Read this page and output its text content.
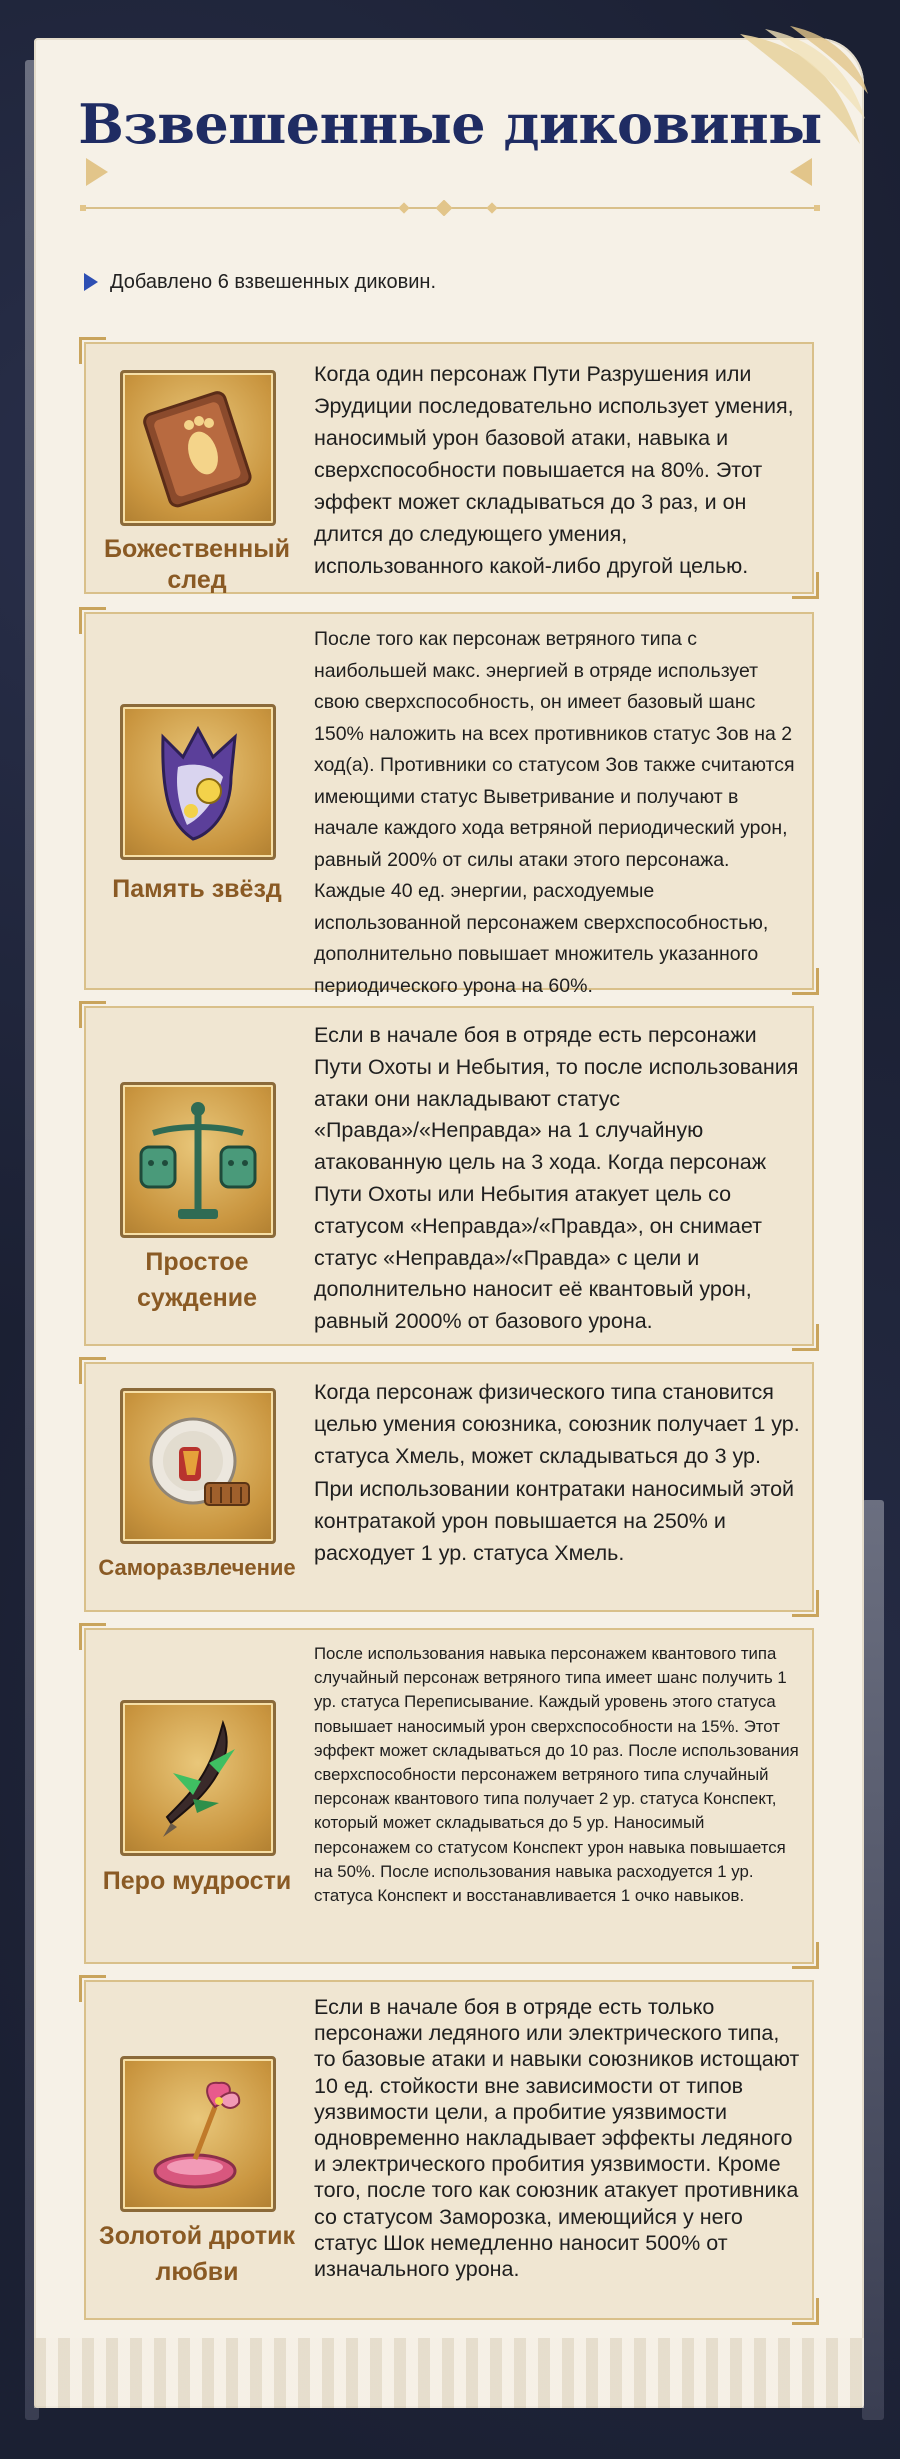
Взвешенные диковины
Добавлено 6 взвешенных диковин.
Божественный след
Когда один персонаж Пути Разрушения или Эрудиции последовательно использует умения, наносимый урон базовой атаки, навыка и сверхспособности повышается на 80%. Этот эффект может складываться до 3 раз, и он длится до следующего умения, использованного какой-либо другой целью.
Память звёзд
После того как персонаж ветряного типа с наибольшей макс. энергией в отряде использует свою сверхспособность, он имеет базовый шанс 150% наложить на всех противников статус Зов на 2 ход(а). Противники со статусом Зов также считаются имеющими статус Выветривание и получают в начале каждого хода ветряной периодический урон, равный 200% от силы атаки этого персонажа. Каждые 40 ед. энергии, расходуемые использованной персонажем сверхспособностью, дополнительно повышает множитель указанного периодического урона на 60%.
Простое суждение
Если в начале боя в отряде есть персонажи Пути Охоты и Небытия, то после использования атаки они накладывают статус «Правда»/«Неправда» на 1 случайную атакованную цель на 3 хода. Когда персонаж Пути Охоты или Небытия атакует цель со статусом «Неправда»/«Правда», он снимает статус «Неправда»/«Правда» с цели и дополнительно наносит её квантовый урон, равный 2000% от базового урона.
Саморазвлечение
Когда персонаж физического типа становится целью умения союзника, союзник получает 1 ур. статуса Хмель, может складываться до 3 ур. При использовании контратаки наносимый этой контратакой урон повышается на 250% и расходует 1 ур. статуса Хмель.
Перо мудрости
После использования навыка персонажем квантового типа случайный персонаж ветряного типа имеет шанс получить 1 ур. статуса Переписывание. Каждый уровень этого статуса повышает наносимый урон сверхспособности на 15%. Этот эффект может складываться до 10 раз. После использования сверхспособности персонажем ветряного типа случайный персонаж квантового типа получает 2 ур. статуса Конспект, который может складываться до 5 ур. Наносимый персонажем со статусом Конспект урон навыка повышается на 50%. После использования навыка расходуется 1 ур. статуса Конспект и восстанавливается 1 очко навыков.
Золотой дротик любви
Если в начале боя в отряде есть только персонажи ледяного или электрического типа, то базовые атаки и навыки союзников истощают 10 ед. стойкости вне зависимости от типов уязвимости цели, а пробитие уязвимости одновременно накладывает эффекты ледяного и электрического пробития уязвимости. Кроме того, после того как союзник атакует противника со статусом Заморозка, имеющийся у него статус Шок немедленно наносит 500% от изначального урона.
